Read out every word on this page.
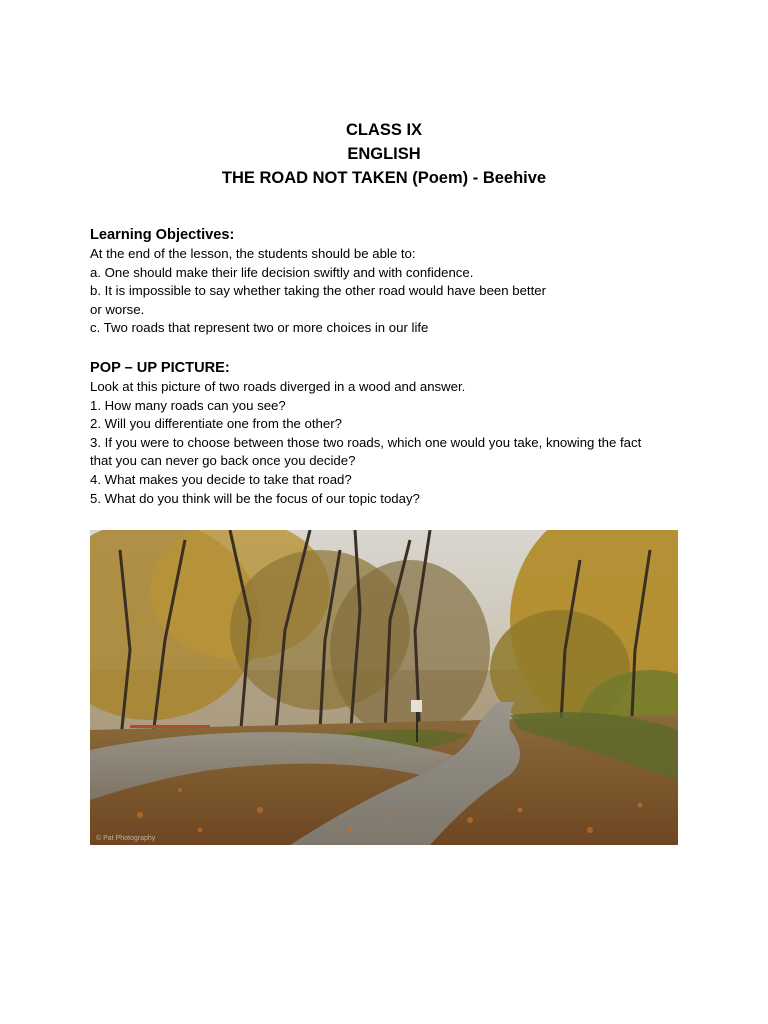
CLASS IX
ENGLISH
THE ROAD NOT TAKEN (Poem) - Beehive
Learning Objectives:
At the end of the lesson, the students should be able to:
a. One should make their life decision swiftly and with confidence.
b. It is impossible to say whether taking the other road would have been better
or worse.
c. Two roads that represent two or more choices in our life
POP – UP PICTURE:
Look at this picture of two roads diverged in a wood and answer.
1. How many roads can you see?
2. Will you differentiate one from the other?
3. If you were to choose between those two roads, which one would you take, knowing the fact
that you can never go back once you decide?
4. What makes you decide to take that road?
5. What do you think will be the focus of our topic today?
© Pat Photography
